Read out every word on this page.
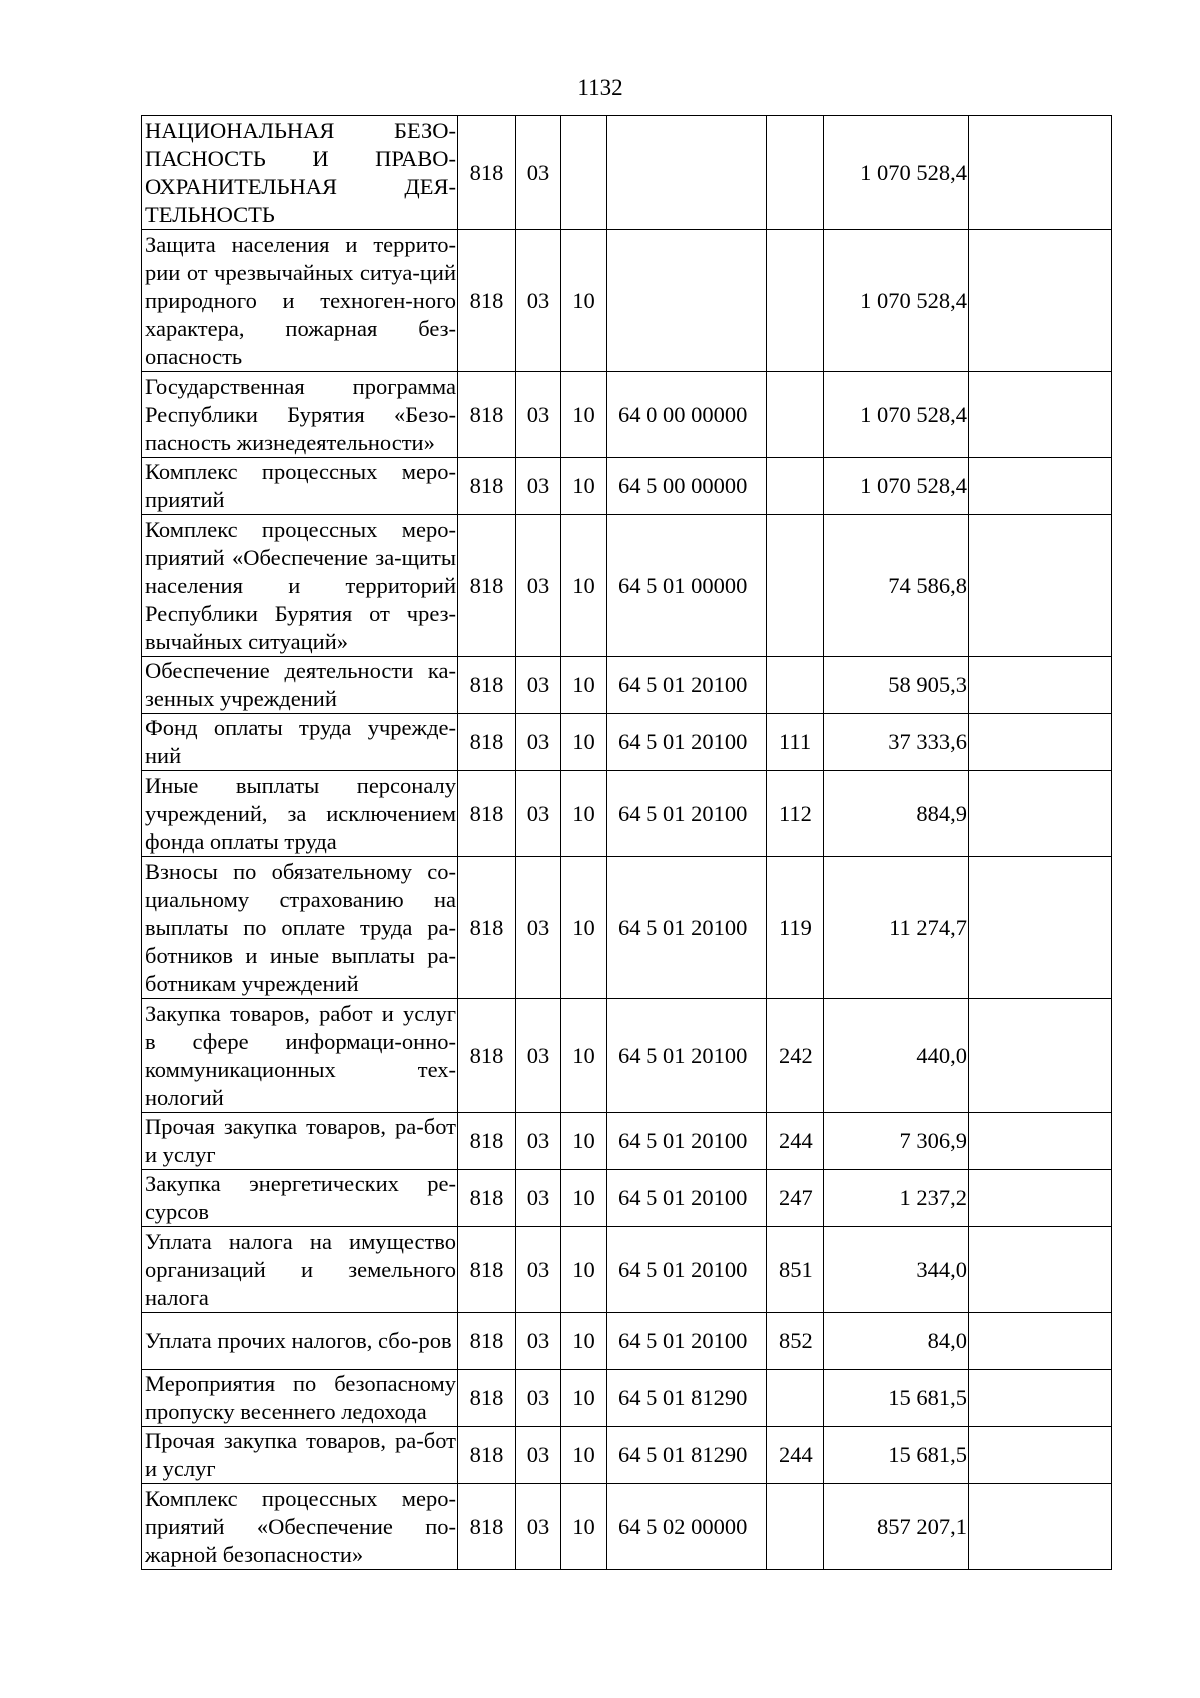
1132
НАЦИОНАЛЬНАЯ БЕЗО-ПАСНОСТЬ И ПРАВО-ОХРАНИТЕЛЬНАЯ ДЕЯ-ТЕЛЬНОСТЬ	818	03				1 070 528,4	
Защита населения и террито-рии от чрезвычайных ситуа-ций природного и техноген-ного характера, пожарная без-опасность	818	03	10			1 070 528,4	
Государственная программа Республики Бурятия «Безо-пасность жизнедеятельности»	818	03	10	64 0 00 00000		1 070 528,4	
Комплекс процессных меро-приятий	818	03	10	64 5 00 00000		1 070 528,4	
Комплекс процессных меро-приятий «Обеспечение за-щиты населения и территорий Республики Бурятия от чрез-вычайных ситуаций»	818	03	10	64 5 01 00000		74 586,8	
Обеспечение деятельности ка-зенных учреждений	818	03	10	64 5 01 20100		58 905,3	
Фонд оплаты труда учрежде-ний	818	03	10	64 5 01 20100	111	37 333,6	
Иные выплаты персоналу учреждений, за исключением фонда оплаты труда	818	03	10	64 5 01 20100	112	884,9	
Взносы по обязательному со-циальному страхованию на выплаты по оплате труда ра-ботников и иные выплаты ра-ботникам учреждений	818	03	10	64 5 01 20100	119	11 274,7	
Закупка товаров, работ и услуг в сфере информаци-онно-коммуникационных тех-нологий	818	03	10	64 5 01 20100	242	440,0	
Прочая закупка товаров, ра-бот и услуг	818	03	10	64 5 01 20100	244	7 306,9	
Закупка энергетических ре-сурсов	818	03	10	64 5 01 20100	247	1 237,2	
Уплата налога на имущество организаций и земельного налога	818	03	10	64 5 01 20100	851	344,0	
Уплата прочих налогов, сбо-ров	818	03	10	64 5 01 20100	852	84,0	
Мероприятия по безопасному пропуску весеннего ледохода	818	03	10	64 5 01 81290		15 681,5	
Прочая закупка товаров, ра-бот и услуг	818	03	10	64 5 01 81290	244	15 681,5	
Комплекс процессных меро-приятий «Обеспечение по-жарной безопасности»	818	03	10	64 5 02 00000		857 207,1	
